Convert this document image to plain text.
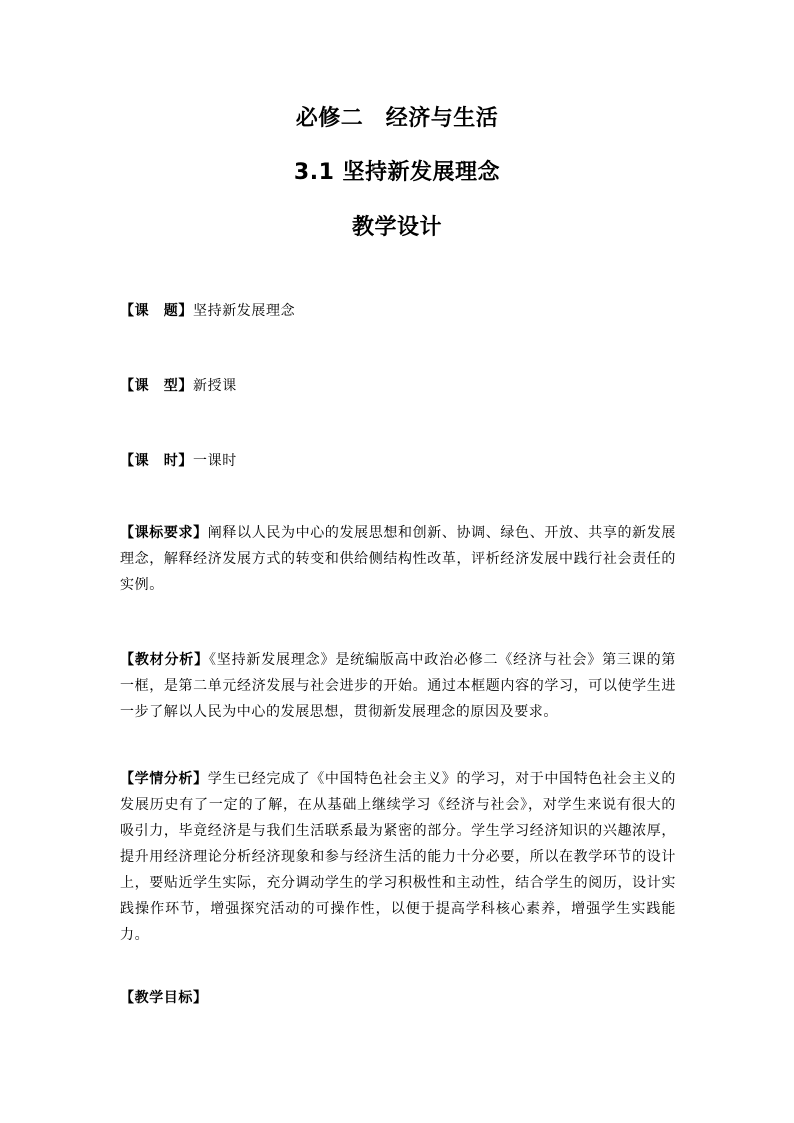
必修二　经济与生活
3.1 坚持新发展理念
教学设计
【课　题】坚持新发展理念
【课　型】新授课
【课　时】一课时
【课标要求】阐释以人民为中心的发展思想和创新、协调、绿色、开放、共享的新发展理念，解释经济发展方式的转变和供给侧结构性改革，评析经济发展中践行社会责任的实例。
【教材分析】《坚持新发展理念》是统编版高中政治必修二《经济与社会》第三课的第一框，是第二单元经济发展与社会进步的开始。通过本框题内容的学习，可以使学生进一步了解以人民为中心的发展思想，贯彻新发展理念的原因及要求。
【学情分析】学生已经完成了《中国特色社会主义》的学习，对于中国特色社会主义的发展历史有了一定的了解，在从基础上继续学习《经济与社会》，对学生来说有很大的吸引力，毕竟经济是与我们生活联系最为紧密的部分。学生学习经济知识的兴趣浓厚，提升用经济理论分析经济现象和参与经济生活的能力十分必要，所以在教学环节的设计上，要贴近学生实际，充分调动学生的学习积极性和主动性，结合学生的阅历，设计实践操作环节，增强探究活动的可操作性，以便于提高学科核心素养，增强学生实践能力。
【教学目标】
